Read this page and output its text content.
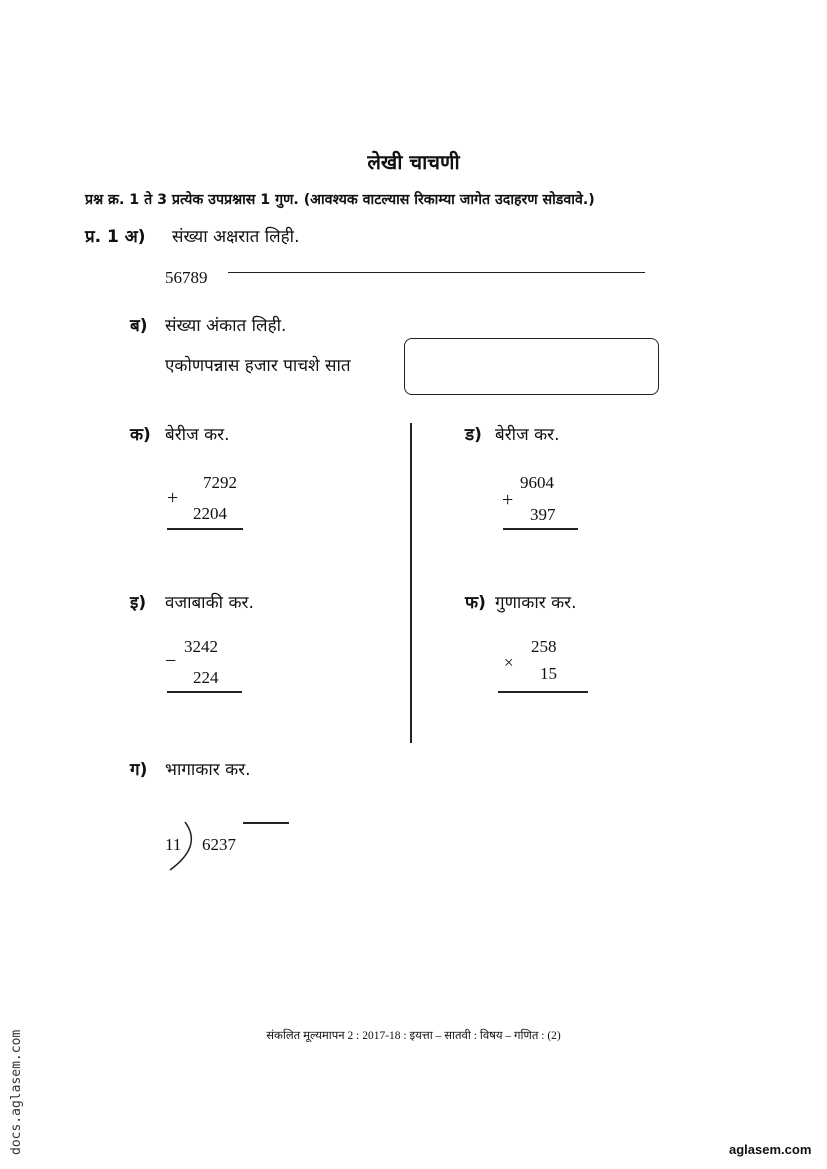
लेखी चाचणी
प्रश्न क्र. 1 ते 3 प्रत्येक उपप्रश्नास 1 गुण. (आवश्यक वाटल्यास रिकाम्या जागेत उदाहरण सोडवावे.)
प्र. 1 अ) संख्या अक्षरात लिही.
56789
ब) संख्या अंकात लिही.
एकोणपन्नास हजार पाचशे सात
क) बेरीज कर.
7292
+
2204
ड) बेरीज कर.
9604
+
397
इ) वजाबाकी कर.
3242
−
224
फ) गुणाकार कर.
258
×
15
ग) भागाकार कर.
11 6237
संकलित मूल्यमापन 2 : 2017-18 : इयत्ता – सातवी : विषय – गणित : (2)
docs.aglasem.com	aglasem.com
